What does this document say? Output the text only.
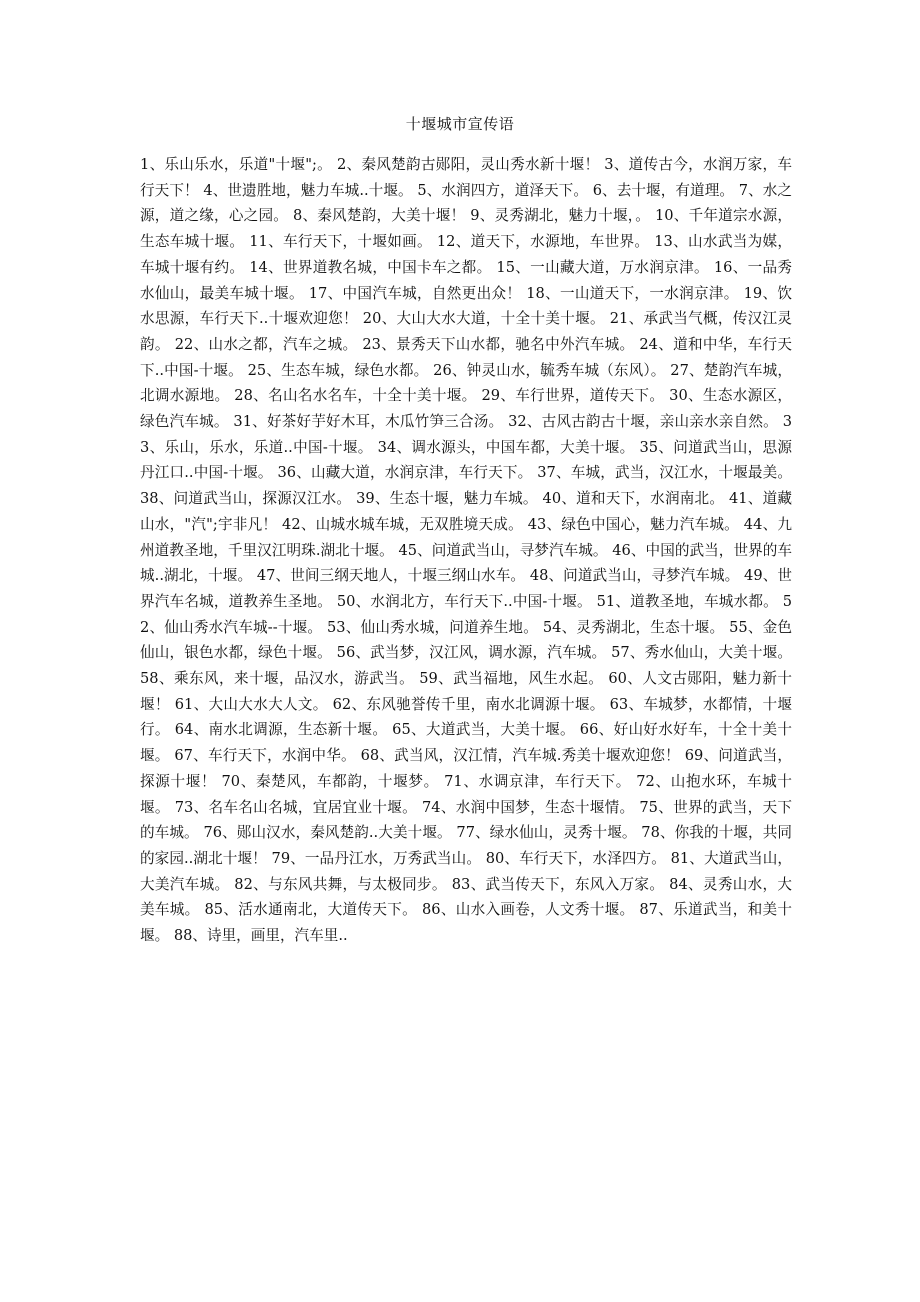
十堰城市宣传语

1、乐山乐水，乐道"十堰";。 2、秦风楚韵古郧阳，灵山秀水新十堰！ 3、道传古今，水润万家，车行天下！ 4、世遗胜地，魅力车城..十堰。 5、水润四方，道泽天下。 6、去十堰，有道理。 7、水之源，道之缘，心之园。 8、秦风楚韵，大美十堰！ 9、灵秀湖北，魅力十堰，。 10、千年道宗水源，生态车城十堰。 11、车行天下，十堰如画。 12、道天下，水源地，车世界。 13、山水武当为媒，车城十堰有约。 14、世界道教名城，中国卡车之都。 15、一山藏大道，万水润京津。 16、一品秀水仙山，最美车城十堰。 17、中国汽车城，自然更出众！ 18、一山道天下，一水润京津。 19、饮水思源，车行天下..十堰欢迎您！ 20、大山大水大道，十全十美十堰。 21、承武当气概，传汉江灵韵。 22、山水之都，汽车之城。 23、景秀天下山水都，驰名中外汽车城。 24、道和中华，车行天下..中国-十堰。 25、生态车城，绿色水都。 26、钟灵山水，毓秀车城（东风）。 27、楚韵汽车城，北调水源地。 28、名山名水名车，十全十美十堰。 29、车行世界，道传天下。 30、生态水源区，绿色汽车城。 31、好茶好芋好木耳，木瓜竹笋三合汤。 32、古风古韵古十堰，亲山亲水亲自然。 33、乐山，乐水，乐道..中国-十堰。 34、调水源头，中国车都，大美十堰。 35、问道武当山，思源丹江口..中国-十堰。 36、山藏大道，水润京津，车行天下。 37、车城，武当，汉江水，十堰最美。 38、问道武当山，探源汉江水。 39、生态十堰，魅力车城。 40、道和天下，水润南北。 41、道藏山水，"汽";宇非凡！ 42、山城水城车城，无双胜境天成。 43、绿色中国心，魅力汽车城。 44、九州道教圣地，千里汉江明珠.湖北十堰。 45、问道武当山，寻梦汽车城。 46、中国的武当，世界的车城..湖北，十堰。 47、世间三纲天地人，十堰三纲山水车。 48、问道武当山，寻梦汽车城。 49、世界汽车名城，道教养生圣地。 50、水润北方，车行天下..中国-十堰。 51、道教圣地，车城水都。 52、仙山秀水汽车城--十堰。 53、仙山秀水城，问道养生地。 54、灵秀湖北，生态十堰。 55、金色仙山，银色水都，绿色十堰。 56、武当梦，汉江风，调水源，汽车城。 57、秀水仙山，大美十堰。 58、乘东风，来十堰，品汉水，游武当。 59、武当福地，风生水起。 60、人文古郧阳，魅力新十堰！ 61、大山大水大人文。 62、东风驰誉传千里，南水北调源十堰。 63、车城梦，水都情，十堰行。 64、南水北调源，生态新十堰。 65、大道武当，大美十堰。 66、好山好水好车，十全十美十堰。 67、车行天下，水润中华。 68、武当风，汉江情，汽车城.秀美十堰欢迎您！ 69、问道武当，探源十堰！ 70、秦楚风，车都韵，十堰梦。 71、水调京津，车行天下。 72、山抱水环，车城十堰。 73、名车名山名城，宜居宜业十堰。 74、水润中国梦，生态十堰情。 75、世界的武当，天下的车城。 76、郧山汉水，秦风楚韵..大美十堰。 77、绿水仙山，灵秀十堰。 78、你我的十堰，共同的家园..湖北十堰！ 79、一品丹江水，万秀武当山。 80、车行天下，水泽四方。 81、大道武当山，大美汽车城。 82、与东风共舞，与太极同步。 83、武当传天下，东风入万家。 84、灵秀山水，大美车城。 85、活水通南北，大道传天下。 86、山水入画卷，人文秀十堰。 87、乐道武当，和美十堰。 88、诗里，画里，汽车里..
